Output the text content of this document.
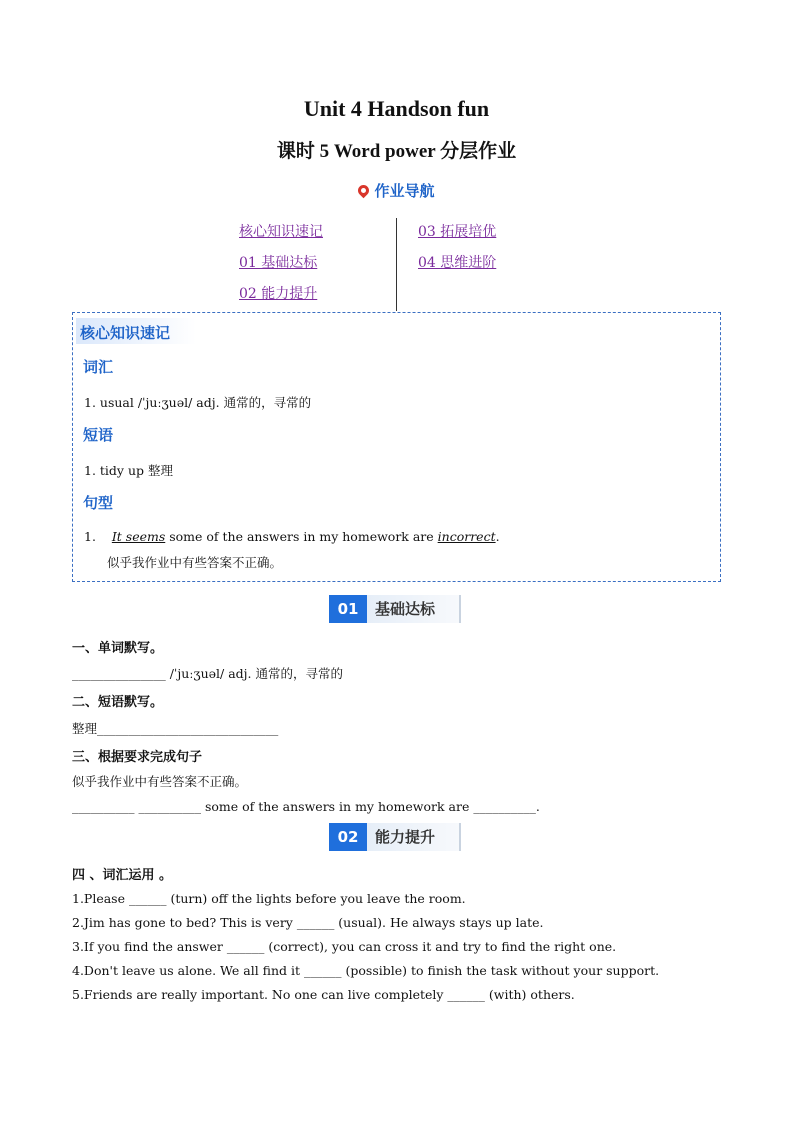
Unit 4 Handson fun
课时 5 Word power 分层作业
作业导航
核心知识速记
01 基础达标
02 能力提升
03 拓展培优
04 思维进阶
核心知识速记
词汇
1. usual /ˈjuːʒuəl/ adj. 通常的，寻常的
短语
1. tidy up 整理
句型
1. It seems some of the answers in my homework are incorrect.
似乎我作业中有些答案不正确。
01	基础达标
一、单词默写。
_______________ /ˈjuːʒuəl/ adj. 通常的，寻常的
二、短语默写。
整理_____________________________
三、根据要求完成句子
似乎我作业中有些答案不正确。
__________ __________ some of the answers in my homework are __________.
02	能力提升
四 、词汇运用 。
1.Please ______ (turn) off the lights before you leave the room.
2.Jim has gone to bed? This is very ______ (usual). He always stays up late.
3.If you find the answer ______ (correct), you can cross it and try to find the right one.
4.Don't leave us alone. We all find it ______ (possible) to finish the task without your support.
5.Friends are really important. No one can live completely ______ (with) others.
